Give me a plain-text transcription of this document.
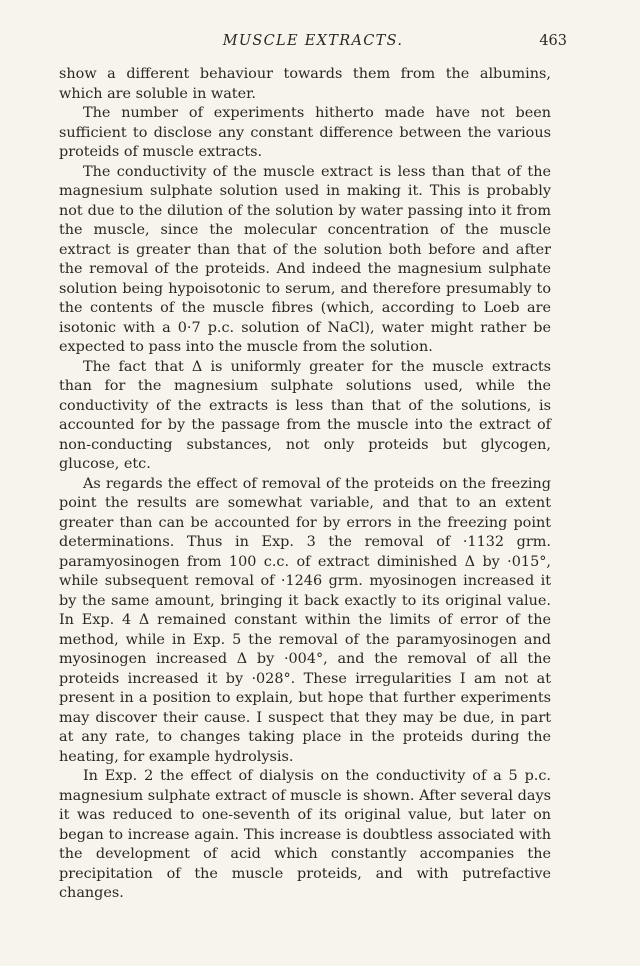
MUSCLE EXTRACTS.	463

show a different behaviour towards them from the albumins, which are soluble in water.

The number of experiments hitherto made have not been sufficient to disclose any constant difference between the various proteids of muscle extracts.

The conductivity of the muscle extract is less than that of the magnesium sulphate solution used in making it. This is probably not due to the dilution of the solution by water passing into it from the muscle, since the molecular concentration of the muscle extract is greater than that of the solution both before and after the removal of the proteids. And indeed the magnesium sulphate solution being hypoisotonic to serum, and therefore presumably to the contents of the muscle fibres (which, according to Loeb are isotonic with a 0·7 p.c. solution of NaCl), water might rather be expected to pass into the muscle from the solution.

The fact that Δ is uniformly greater for the muscle extracts than for the magnesium sulphate solutions used, while the conductivity of the extracts is less than that of the solutions, is accounted for by the passage from the muscle into the extract of non-conducting substances, not only proteids but glycogen, glucose, etc.

As regards the effect of removal of the proteids on the freezing point the results are somewhat variable, and that to an extent greater than can be accounted for by errors in the freezing point determinations. Thus in Exp. 3 the removal of ·1132 grm. paramyosinogen from 100 c.c. of extract diminished Δ by ·015°, while subsequent removal of ·1246 grm. myosinogen increased it by the same amount, bringing it back exactly to its original value. In Exp. 4 Δ remained constant within the limits of error of the method, while in Exp. 5 the removal of the paramyosinogen and myosinogen increased Δ by ·004°, and the removal of all the proteids increased it by ·028°. These irregularities I am not at present in a position to explain, but hope that further experiments may discover their cause. I suspect that they may be due, in part at any rate, to changes taking place in the proteids during the heating, for example hydrolysis.

In Exp. 2 the effect of dialysis on the conductivity of a 5 p.c. magnesium sulphate extract of muscle is shown. After several days it was reduced to one-seventh of its original value, but later on began to increase again. This increase is doubtless associated with the development of acid which constantly accompanies the precipitation of the muscle proteids, and with putrefactive changes.
